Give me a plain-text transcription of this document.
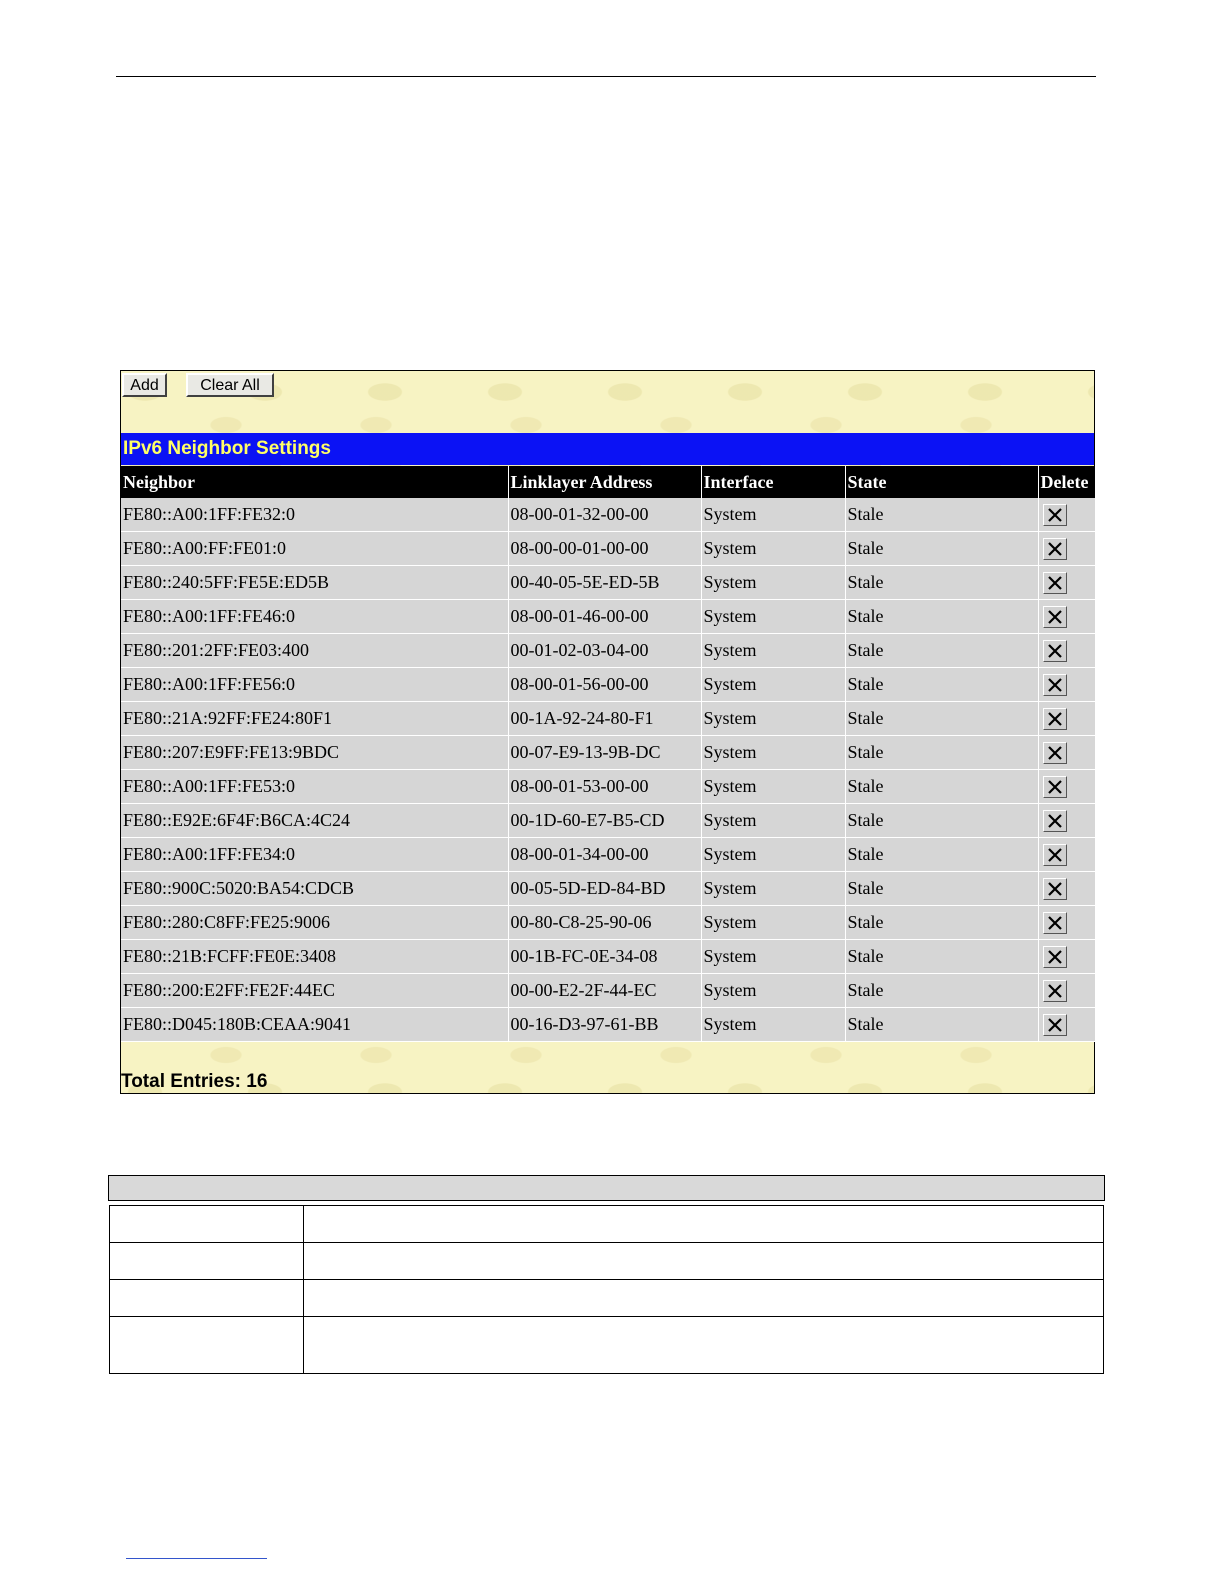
Add	Clear All
IPv6 Neighbor Settings
Neighbor	Linklayer Address	Interface	State	Delete
FE80::A00:1FF:FE32:0	08-00-01-32-00-00	System	Stale	

FE80::A00:FF:FE01:0	08-00-00-01-00-00	System	Stale	

FE80::240:5FF:FE5E:ED5B	00-40-05-5E-ED-5B	System	Stale	

FE80::A00:1FF:FE46:0	08-00-01-46-00-00	System	Stale	

FE80::201:2FF:FE03:400	00-01-02-03-04-00	System	Stale	

FE80::A00:1FF:FE56:0	08-00-01-56-00-00	System	Stale	

FE80::21A:92FF:FE24:80F1	00-1A-92-24-80-F1	System	Stale	

FE80::207:E9FF:FE13:9BDC	00-07-E9-13-9B-DC	System	Stale	

FE80::A00:1FF:FE53:0	08-00-01-53-00-00	System	Stale	

FE80::E92E:6F4F:B6CA:4C24	00-1D-60-E7-B5-CD	System	Stale	

FE80::A00:1FF:FE34:0	08-00-01-34-00-00	System	Stale	

FE80::900C:5020:BA54:CDCB	00-05-5D-ED-84-BD	System	Stale	

FE80::280:C8FF:FE25:9006	00-80-C8-25-90-06	System	Stale	

FE80::21B:FCFF:FE0E:3408	00-1B-FC-0E-34-08	System	Stale	

FE80::200:E2FF:FE2F:44EC	00-00-E2-2F-44-EC	System	Stale	

FE80::D045:180B:CEAA:9041	00-16-D3-97-61-BB	System	Stale	
Total Entries: 16
